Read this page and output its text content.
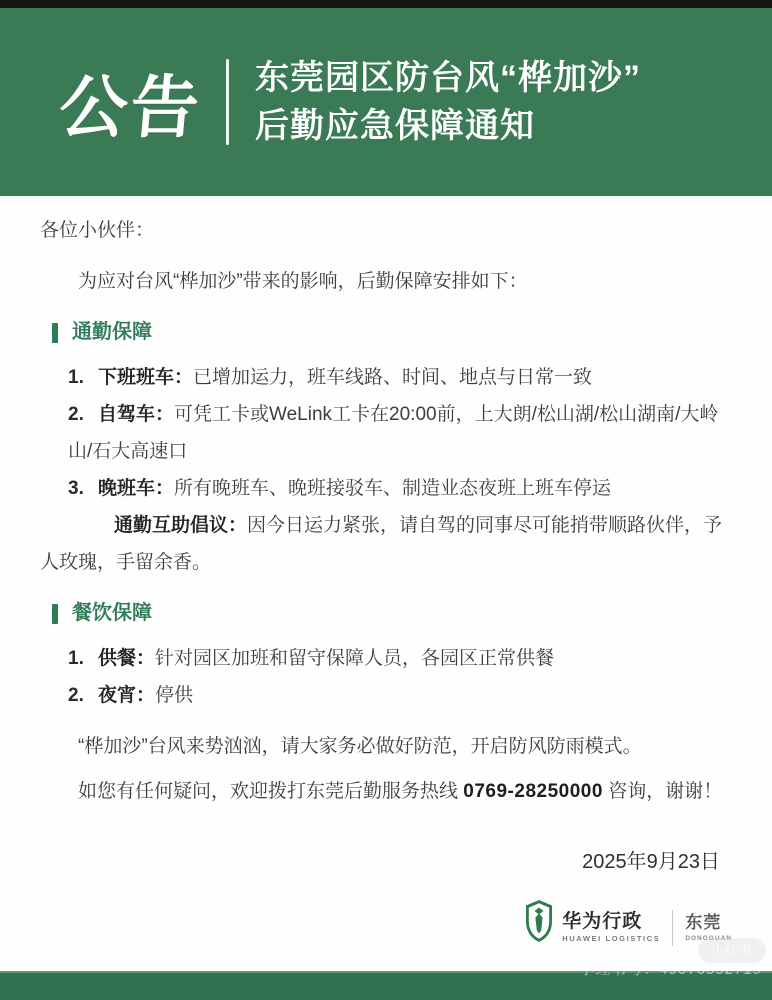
公告 东莞园区防台风“桦加沙”
后勤应急保障通知

各位小伙伴：

为应对台风“桦加沙”带来的影响，后勤保障安排如下：

通勤保障

1. 下班班车：已增加运力，班车线路、时间、地点与日常一致

2. 自驾车：可凭工卡或WeLink工卡在20:00前，上大朗/松山湖/松山湖南/大岭山/石大高速口

3. 晚班车：所有晚班车、晚班接驳车、制造业态夜班上班车停运

通勤互助倡议：因今日运力紧张，请自驾的同事尽可能捎带顺路伙伴，予人玫瑰，手留余香。

餐饮保障

1. 供餐：针对园区加班和留守保障人员，各园区正常供餐

2. 夜宵：停供

“桦加沙”台风来势汹汹，请大家务必做好防范，开启防风防雨模式。

如您有任何疑问，欢迎拨打东莞后勤服务热线 0769-28250000 咨询，谢谢！

2025年9月23日

华为行政
HUAWEI LOGISTICS
东莞
DONGGUAN
小红书
小红书号：49076552719
